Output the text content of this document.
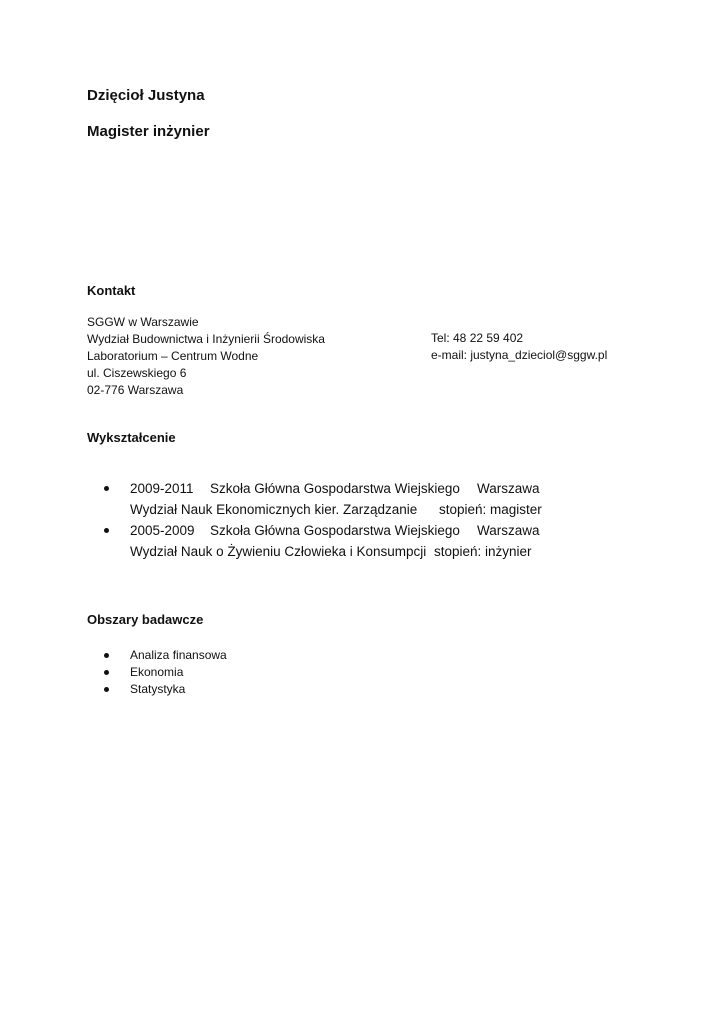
Dzięcioł Justyna
Magister inżynier
Kontakt
SGGW w Warszawie
Wydział Budownictwa i Inżynierii Środowiska
Laboratorium – Centrum Wodne
ul. Ciszewskiego 6
02-776 Warszawa
Tel: 48 22 59 402
e-mail: justyna_dzieciol@sggw.pl
Wykształcenie
2009-2011 Szkoła Główna Gospodarstwa Wiejskiego Warszawa
Wydział Nauk Ekonomicznych kier. Zarządzanie stopień: magister
2005-2009 Szkoła Główna Gospodarstwa Wiejskiego Warszawa
Wydział Nauk o Żywieniu Człowieka i Konsumpcji stopień: inżynier
Obszary badawcze
Analiza finansowa
Ekonomia
Statystyka
